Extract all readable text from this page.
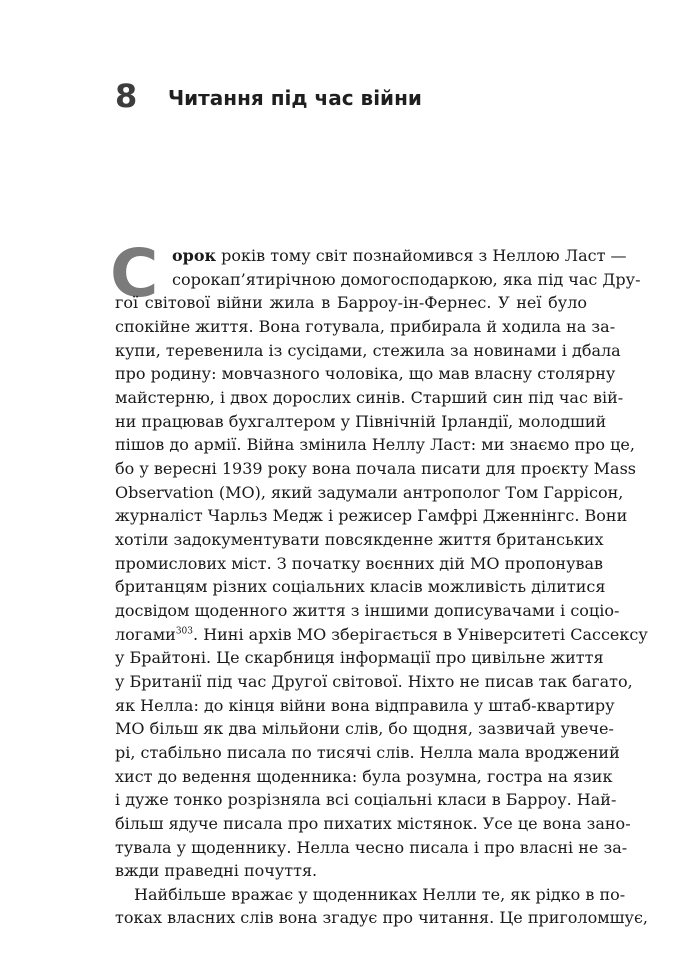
8 Читання під час війни
С орок років тому світ познайомився з Неллою Ласт —
сорокап’ятирічною домогосподаркою, яка під час Дру-
гої світової війни жила в Барроу-ін-Фернес. У неї було
спокійне життя. Вона готувала, прибирала й ходила на за-
купи, теревенила із сусідами, стежила за новинами і дбала
про родину: мовчазного чоловіка, що мав власну столярну
майстерню, і двох дорослих синів. Старший син під час вій-
ни працював бухгалтером у Північній Ірландії, молодший
пішов до армії. Війна змінила Неллу Ласт: ми знаємо про це,
бо у вересні 1939 року вона почала писати для проєкту Mass
Observation (МО), який задумали антрополог Том Гаррісон,
журналіст Чарльз Медж і режисер Гамфрі Дженнінгс. Вони
хотіли задокументувати повсякденне життя британських
промислових міст. З початку воєнних дій МО пропонував
британцям різних соціальних класів можливість ділитися
досвідом щоденного життя з іншими дописувачами і соціо-
логами$^{303}$. Нині архів МО зберігається в Університеті Сассексу
у Брайтоні. Це скарбниця інформації про цивільне життя
у Британії під час Другої світової. Ніхто не писав так багато,
як Нелла: до кінця війни вона відправила у штаб-квартиру
МО більш як два мільйони слів, бо щодня, зазвичай увече-
рі, стабільно писала по тисячі слів. Нелла мала вроджений
хист до ведення щоденника: була розумна, гостра на язик
і дуже тонко розрізняла всі соціальні класи в Барроу. Най-
більш ядуче писала про пихатих містянок. Усе це вона зано-
тувала у щоденнику. Нелла чесно писала і про власні не за-
вжди праведні почуття.
Найбільше вражає у щоденниках Нелли те, як рідко в по-
токах власних слів вона згадує про читання. Це приголомшує,
